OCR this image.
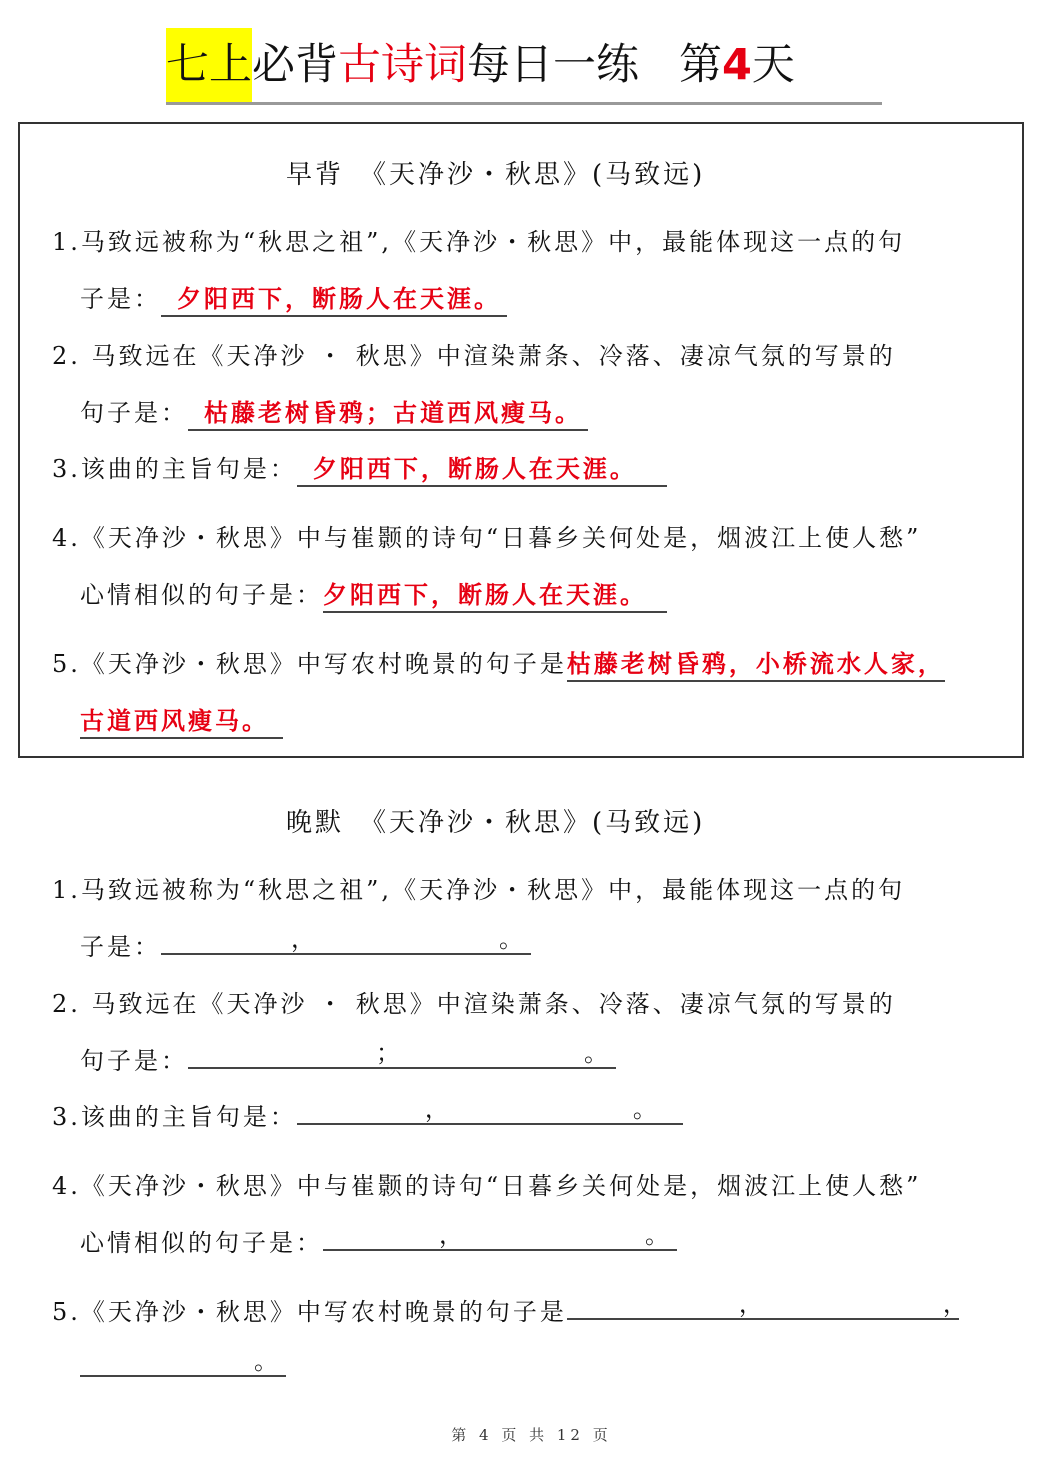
七上必背古诗词每日一练 第4天
早背　《天净沙・秋思》(马致远)
1.马致远被称为“秋思之祖”,《天净沙・秋思》中，最能体现这一点的句
子是： 夕阳西下，断肠人在天涯。
2. 马致远在《天净沙 ・ 秋思》中渲染萧条、冷落、凄凉气氛的写景的
句子是： 枯藤老树昏鸦；古道西风瘦马。
3.该曲的主旨句是： 夕阳西下，断肠人在天涯。
4.《天净沙・秋思》中与崔颢的诗句“日暮乡关何处是，烟波江上使人愁”
心情相似的句子是：夕阳西下，断肠人在天涯。
5.《天净沙・秋思》中写农村晚景的句子是枯藤老树昏鸦，小桥流水人家，
古道西风瘦马。
晚默　《天净沙・秋思》(马致远)
1.马致远被称为“秋思之祖”,《天净沙・秋思》中，最能体现这一点的句
子是：	，	。
2. 马致远在《天净沙 ・ 秋思》中渲染萧条、冷落、凄凉气氛的写景的
句子是：	；	。
3.该曲的主旨句是：	，	。
4.《天净沙・秋思》中与崔颢的诗句“日暮乡关何处是，烟波江上使人愁”
心情相似的句子是：	，	。
5.《天净沙・秋思》中写农村晚景的句子是	，	，
。
第 4 页 共 12 页
